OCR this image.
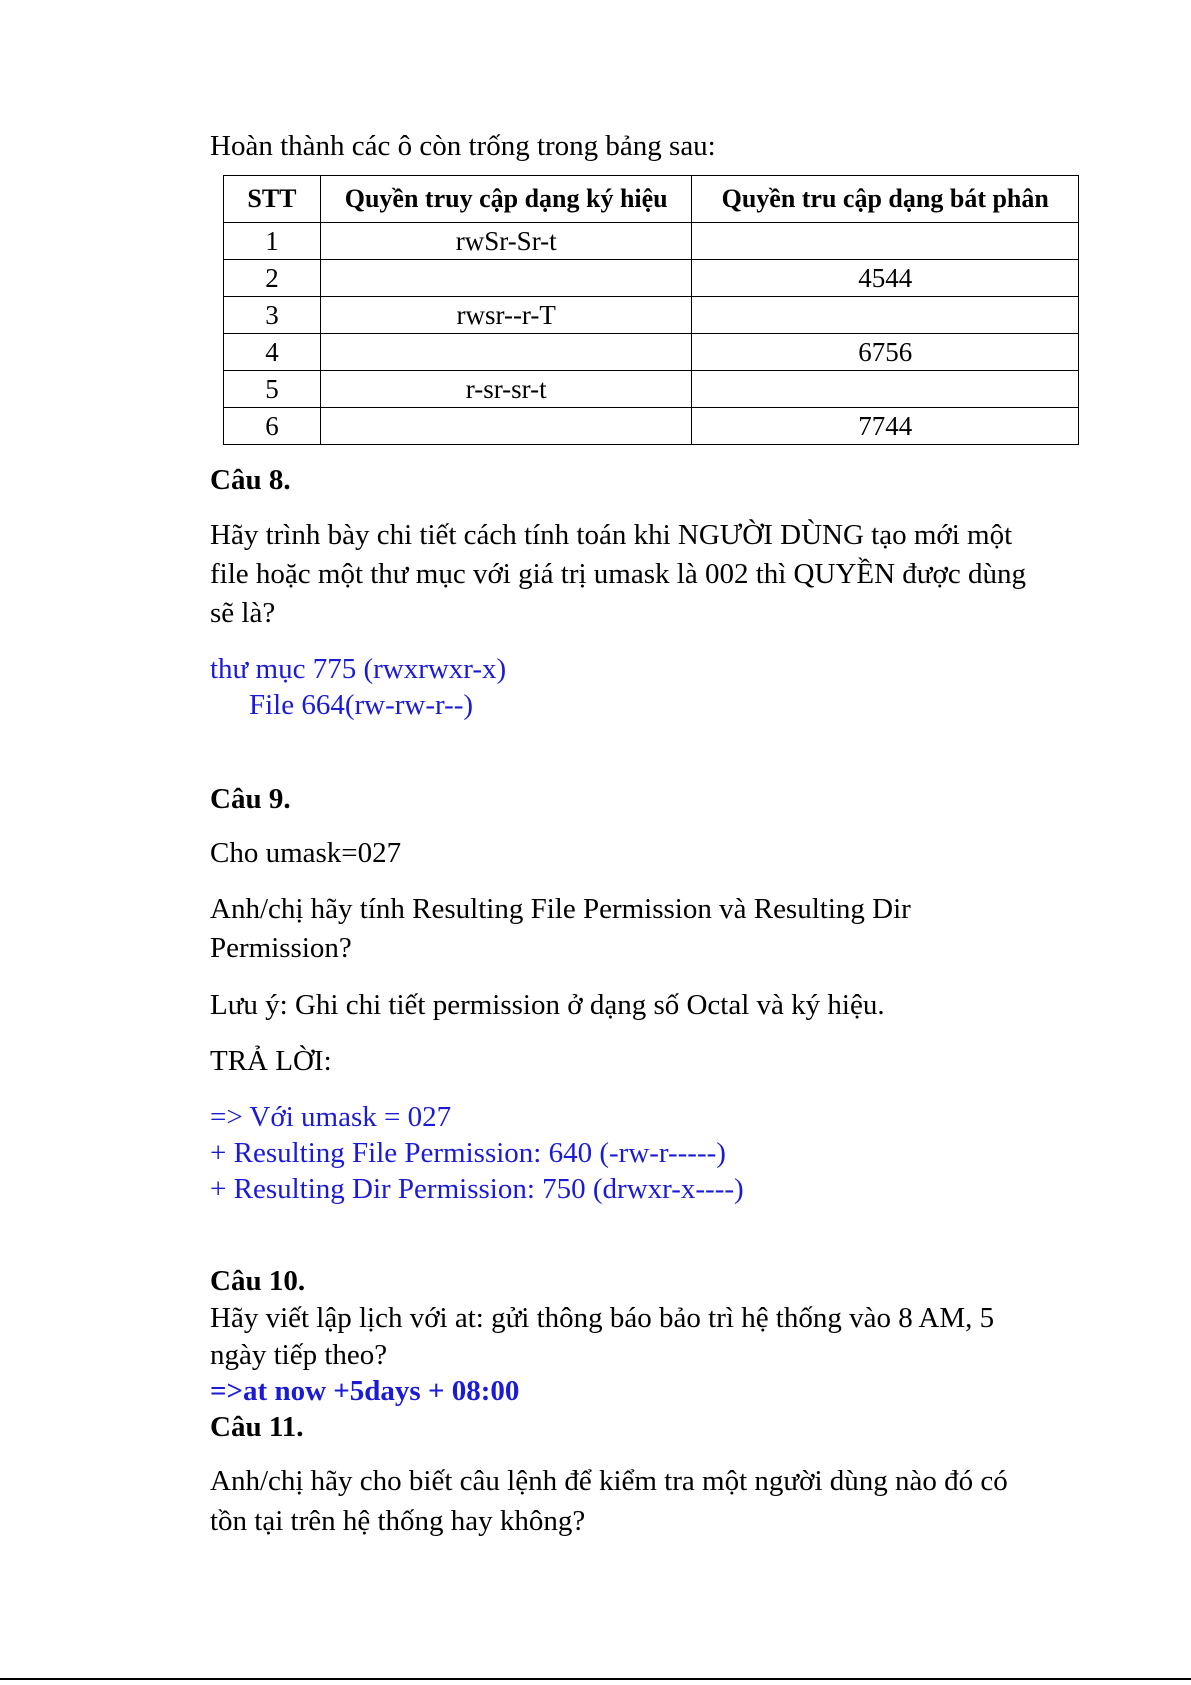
Hoàn thành các ô còn trống trong bảng sau:
STT	Quyền truy cập dạng ký hiệu	Quyền tru cập dạng bát phân
1	rwSr-Sr-t	
2		4544
3	rwsr--r-T	
4		6756
5	r-sr-sr-t	
6		7744
Câu 8.
Hãy trình bày chi tiết cách tính toán khi NGƯỜI DÙNG tạo mới một
file hoặc một thư mục với giá trị umask là 002 thì QUYỀN được dùng
sẽ là?
thư mục 775 (rwxrwxr-x)
File 664(rw-rw-r--)
Câu 9.
Cho umask=027
Anh/chị hãy tính Resulting File Permission và Resulting Dir
Permission?
Lưu ý: Ghi chi tiết permission ở dạng số Octal và ký hiệu.
TRẢ LỜI:
=> Với umask = 027
+ Resulting File Permission: 640 (-rw-r-----)
+ Resulting Dir Permission: 750 (drwxr-x----)
Câu 10.
Hãy viết lập lịch với at: gửi thông báo bảo trì hệ thống vào 8 AM, 5
ngày tiếp theo?
=>at now +5days + 08:00
Câu 11.
Anh/chị hãy cho biết câu lệnh để kiểm tra một người dùng nào đó có
tồn tại trên hệ thống hay không?
